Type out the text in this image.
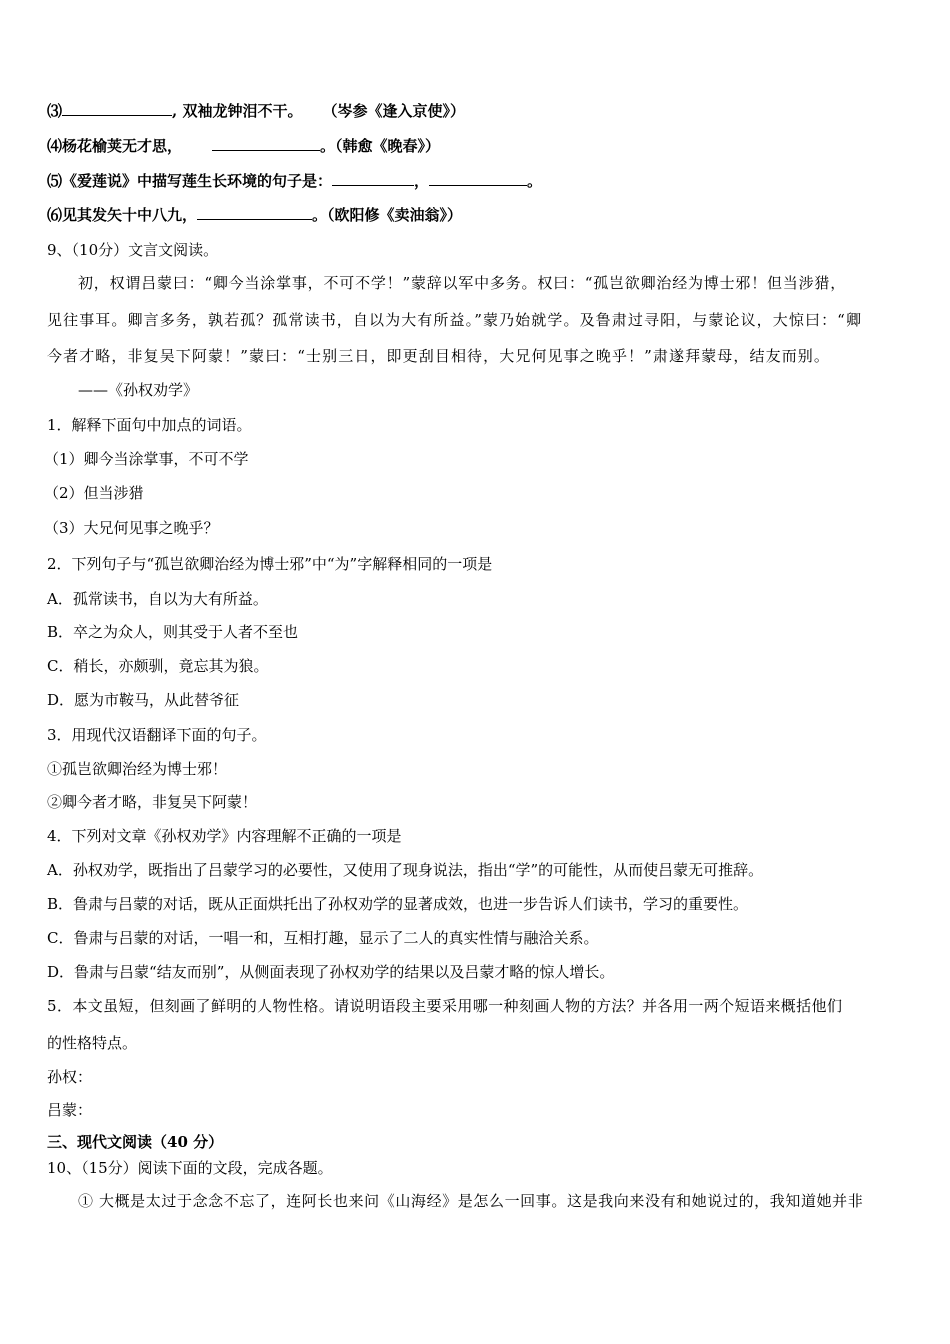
⑶	, 双袖龙钟泪不干。 （岑参《逢入京使》）
⑷杨花榆荚无才思，	。（韩愈《晚春》）
⑸《爱莲说》中描写莲生长环境的句子是：	，	。
⑹见其发矢十中八九，	。（欧阳修《卖油翁》）
9、（10分）文言文阅读。
初，权谓吕蒙曰：“卿今当涂掌事，不可不学！”蒙辞以军中多务。权曰：“孤岂欲卿治经为博士邪！但当涉猎，
见往事耳。卿言多务，孰若孤？孤常读书，自以为大有所益。”蒙乃始就学。及鲁肃过寻阳，与蒙论议，大惊曰：“卿
今者才略，非复吴下阿蒙！”蒙曰：“士别三日，即更刮目相待，大兄何见事之晚乎！”肃遂拜蒙母，结友而别。
——《孙权劝学》
1．解释下面句中加点的词语。
（1）卿今当涂掌事，不可不学
（2）但当涉猎
（3）大兄何见事之晚乎？
2．下列句子与“孤岂欲卿治经为博士邪”中“为”字解释相同的一项是
A．孤常读书，自以为大有所益。
B．卒之为众人，则其受于人者不至也
C．稍长，亦颇驯，竟忘其为狼。
D．愿为市鞍马，从此替爷征
3．用现代汉语翻译下面的句子。
①孤岂欲卿治经为博士邪！
②卿今者才略，非复吴下阿蒙！
4．下列对文章《孙权劝学》内容理解不正确的一项是
A．孙权劝学，既指出了吕蒙学习的必要性，又使用了现身说法，指出“学”的可能性，从而使吕蒙无可推辞。
B．鲁肃与吕蒙的对话，既从正面烘托出了孙权劝学的显著成效，也进一步告诉人们读书，学习的重要性。
C．鲁肃与吕蒙的对话，一唱一和，互相打趣，显示了二人的真实性情与融洽关系。
D．鲁肃与吕蒙“结友而别”，从侧面表现了孙权劝学的结果以及吕蒙才略的惊人增长。
5．本文虽短，但刻画了鲜明的人物性格。请说明语段主要采用哪一种刻画人物的方法？并各用一两个短语来概括他们
的性格特点。
孙权：
吕蒙：
三、现代文阅读（40 分）
10、（15分）阅读下面的文段，完成各题。
① 大概是太过于念念不忘了，连阿长也来问《山海经》是怎么一回事。这是我向来没有和她说过的，我知道她并非
